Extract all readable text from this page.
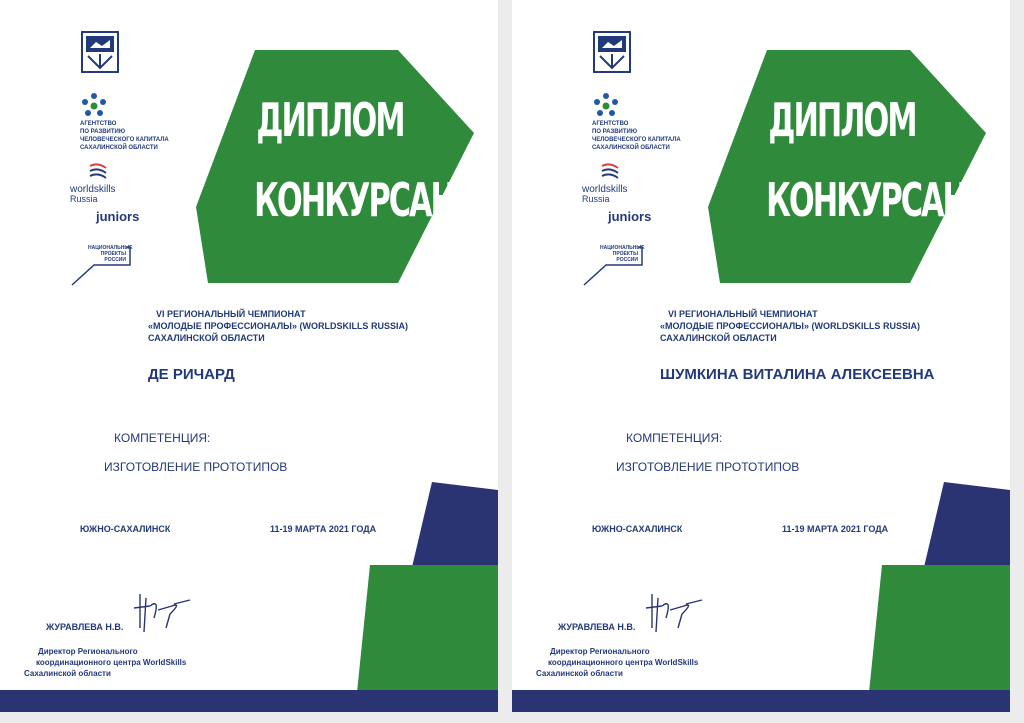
АГЕНТСТВО
ПО РАЗВИТИЮ
ЧЕЛОВЕЧЕСКОГО КАПИТАЛА
САХАЛИНСКОЙ ОБЛАСТИ
worldskills
Russia
juniors
НАЦИОНАЛЬНЫЕ
ПРОЕКТЫ
РОССИИ
ДИПЛОМ
КОНКУРСАНТА
VI РЕГИОНАЛЬНЫЙ ЧЕМПИОНАТ
«МОЛОДЫЕ ПРОФЕССИОНАЛЫ» (WORLDSKILLS RUSSIA)
САХАЛИНСКОЙ ОБЛАСТИ
ДЕ РИЧАРД
КОМПЕТЕНЦИЯ:
ИЗГОТОВЛЕНИЕ ПРОТОТИПОВ
ЮЖНО-САХАЛИНСК	11-19 МАРТА 2021 ГОДА
ЖУРАВЛЕВА Н.В.
Директор Регионального
координационного центра WorldSkills
Сахалинской области
АГЕНТСТВО
ПО РАЗВИТИЮ
ЧЕЛОВЕЧЕСКОГО КАПИТАЛА
САХАЛИНСКОЙ ОБЛАСТИ
worldskills
Russia
juniors
НАЦИОНАЛЬНЫЕ
ПРОЕКТЫ
РОССИИ
ДИПЛОМ
КОНКУРСАНТА
VI РЕГИОНАЛЬНЫЙ ЧЕМПИОНАТ
«МОЛОДЫЕ ПРОФЕССИОНАЛЫ» (WORLDSKILLS RUSSIA)
САХАЛИНСКОЙ ОБЛАСТИ
ШУМКИНА ВИТАЛИНА АЛЕКСЕЕВНА
КОМПЕТЕНЦИЯ:
ИЗГОТОВЛЕНИЕ ПРОТОТИПОВ
ЮЖНО-САХАЛИНСК	11-19 МАРТА 2021 ГОДА
ЖУРАВЛЕВА Н.В.
Директор Регионального
координационного центра WorldSkills
Сахалинской области
